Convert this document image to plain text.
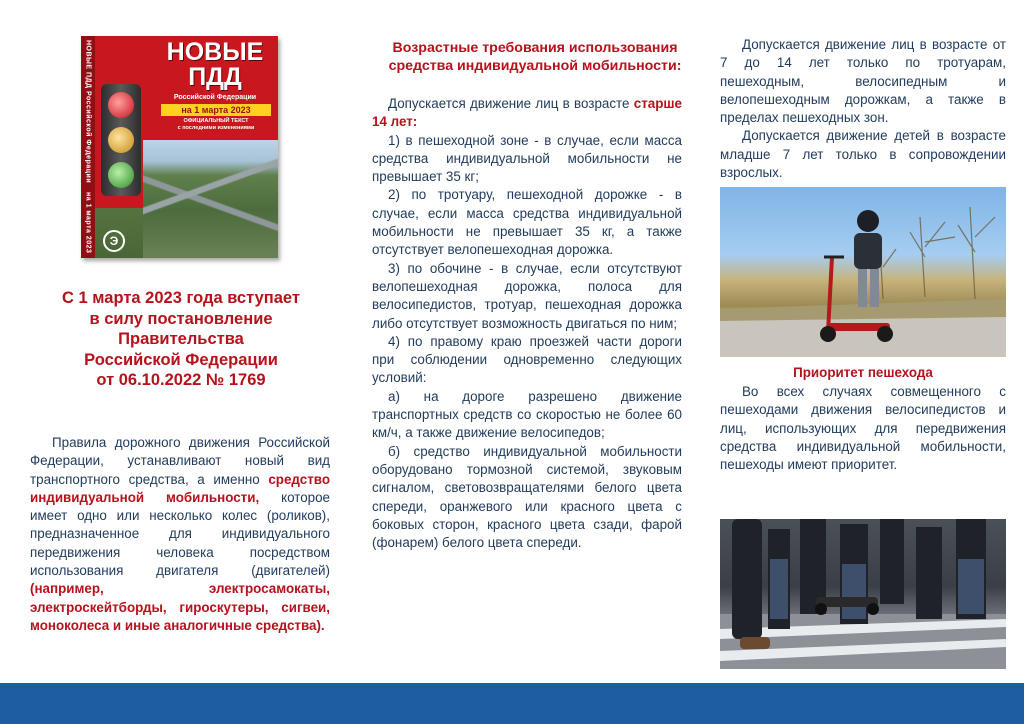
НОВЫЕ ПДД Российской Федерации
на 1 марта 2023
НОВЫЕ
ПДД
Российской Федерации
на 1 марта 2023
ОФИЦИАЛЬНЫЙ ТЕКСТ
с последними изменениями
Э
С 1 марта 2023 года вступает
в силу постановление
Правительства
Российской Федерации
от 06.10.2022 № 1769

Правила дорожного движения Российской Федерации, устанавливают новый вид транспортного средства, а именно средство индивидуальной мобильности, которое имеет одно или несколько колес (роликов), предназначенное для индивидуального передвижения человека посредством использования двигателя (двигателей) (например, электросамокаты, электроскейтборды, гироскутеры, сигвеи, моноколеса и иные аналогичные средства).

Возрастные требования использования средства индивидуальной мобильности:

Допускается движение лиц в возрасте старше 14 лет:

1) в пешеходной зоне - в случае, если масса средства индивидуальной мобильности не превышает 35 кг;

2) по тротуару, пешеходной дорожке - в случае, если масса средства индивидуальной мобильности не превышает 35 кг, а также отсутствует велопешеходная дорожка.

3) по обочине - в случае, если отсутствуют велопешеходная дорожка, полоса для велосипедистов, тротуар, пешеходная дорожка либо отсутствует возможность двигаться по ним;

4) по правому краю проезжей части дороги при соблюдении одновременно следующих условий:

а) на дороге разрешено движение транспортных средств со скоростью не более 60 км/ч, а также движение велосипедов;

б) средство индивидуальной мобильности оборудовано тормозной системой, звуковым сигналом, световозвращателями белого цвета спереди, оранжевого или красного цвета с боковых сторон, красного цвета сзади, фарой (фонарем) белого цвета спереди.

Допускается движение лиц в возрасте от 7 до 14 лет только по тротуарам, пешеходным, велосипедным и велопешеходным дорожкам, а также в пределах пешеходных зон.

Допускается движение детей в возрасте младше 7 лет только в сопровождении взрослых.

Приоритет пешехода

Во всех случаях совмещенного с пешеходами движения велосипедистов и лиц, использующих для передвижения средства индивидуальной мобильности, пешеходы имеют приоритет.
